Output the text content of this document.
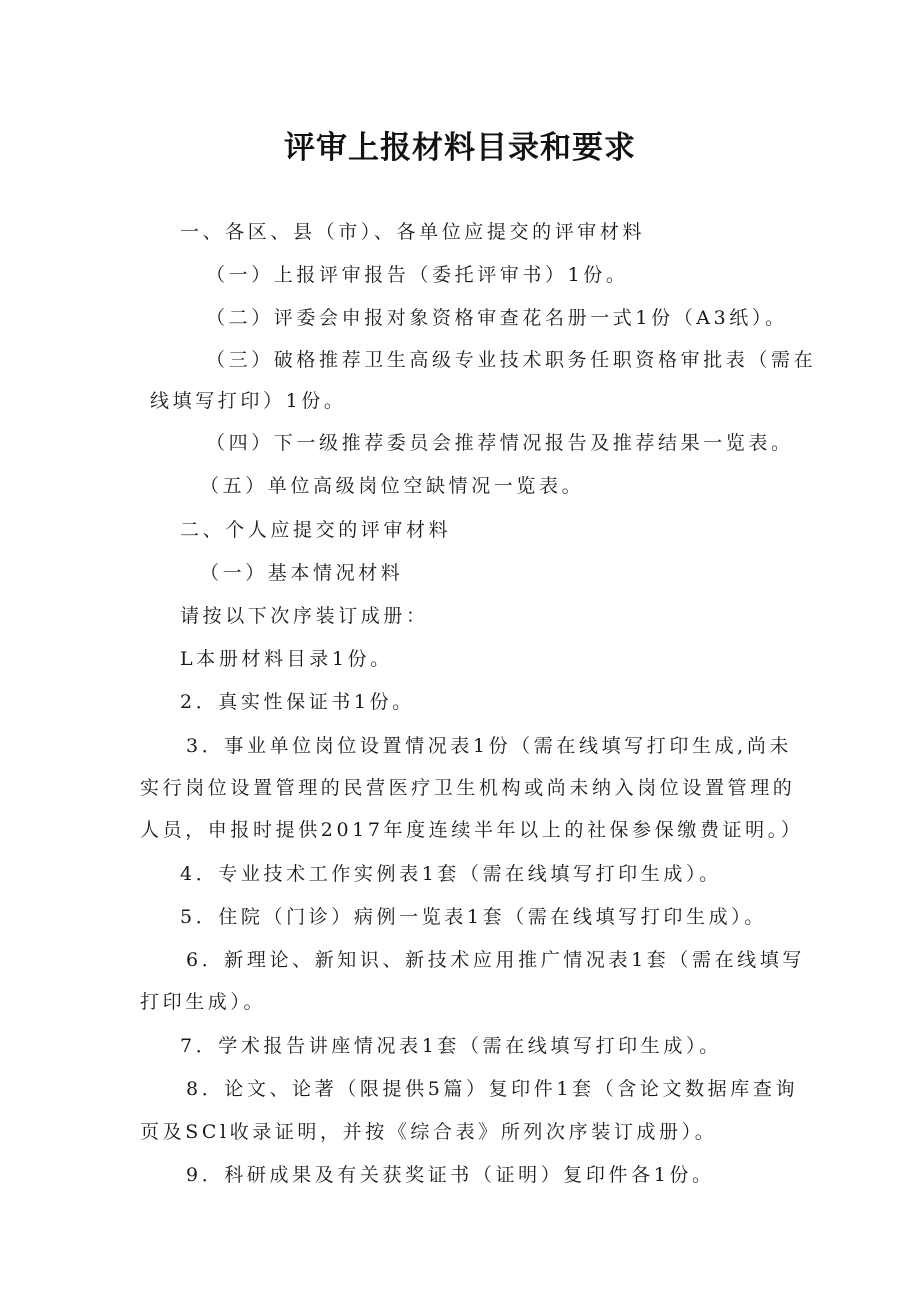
评审上报材料目录和要求
一、各区、县（市）、各单位应提交的评审材料
（一）上报评审报告（委托评审书）1份。
（二）评委会申报对象资格审查花名册一式1份（A3纸）。
（三）破格推荐卫生高级专业技术职务任职资格审批表（需在
线填写打印）1份。
（四）下一级推荐委员会推荐情况报告及推荐结果一览表。
（五）单位高级岗位空缺情况一览表。
二、个人应提交的评审材料
（一）基本情况材料
请按以下次序装订成册：
L本册材料目录1份。
2．真实性保证书1份。
3．事业单位岗位设置情况表1份（需在线填写打印生成,尚未
实行岗位设置管理的民营医疗卫生机构或尚未纳入岗位设置管理的
人员，申报时提供2017年度连续半年以上的社保参保缴费证明。）
4．专业技术工作实例表1套（需在线填写打印生成）。
5．住院（门诊）病例一览表1套（需在线填写打印生成）。
6．新理论、新知识、新技术应用推广情况表1套（需在线填写
打印生成）。
7．学术报告讲座情况表1套（需在线填写打印生成）。
8．论文、论著（限提供5篇）复印件1套（含论文数据库查询
页及SCl收录证明，并按《综合表》所列次序装订成册）。
9．科研成果及有关获奖证书（证明）复印件各1份。
